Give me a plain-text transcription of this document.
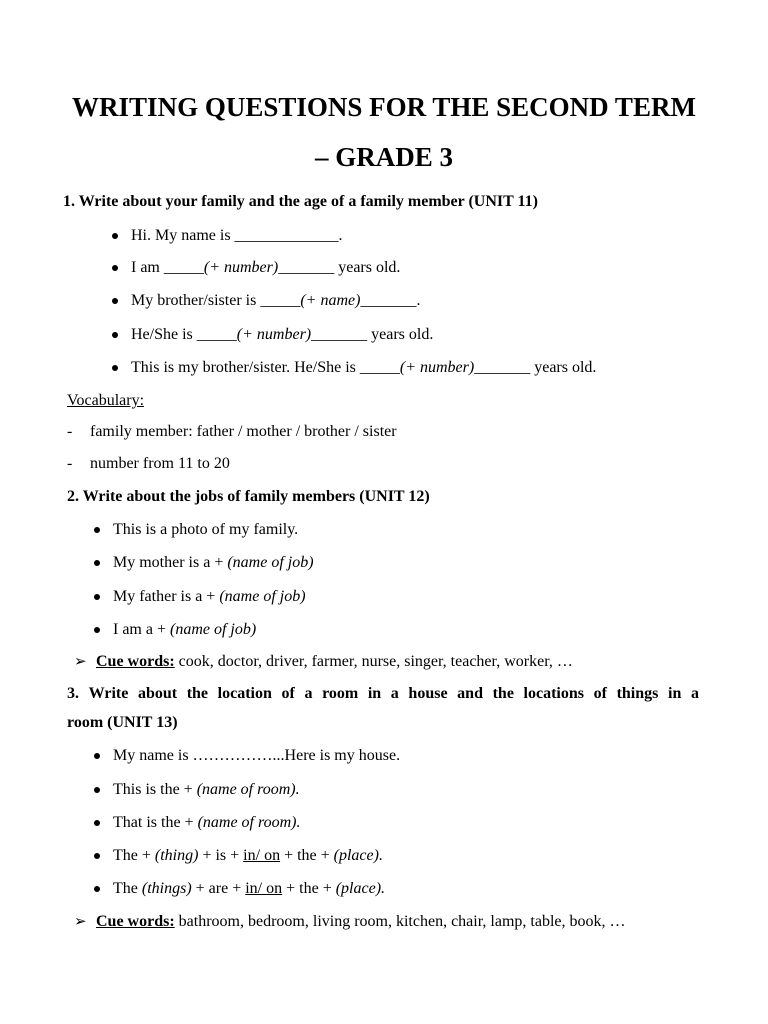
WRITING QUESTIONS FOR THE SECOND TERM
– GRADE 3
1. Write about your family and the age of a family member (UNIT 11)
Hi. My name is _____________.
I am _____(+ number)_______ years old.
My brother/sister is _____(+ name)_______.
He/She is _____(+ number)_______ years old.
This is my brother/sister. He/She is _____(+ number)_______ years old.
Vocabulary:
- family member: father / mother / brother / sister
- number from 11 to 20
2. Write about the jobs of family members (UNIT 12)
This is a photo of my family.
My mother is a + (name of job)
My father is a + (name of job)
I am a + (name of job)
➢ Cue words: cook, doctor, driver, farmer, nurse, singer, teacher, worker, …
3. Write about the location of a room in a house and the locations of things in a
room (UNIT 13)
My name is ……………...Here is my house.
This is the + (name of room).
That is the + (name of room).
The + (thing) + is + in/ on + the + (place).
The (things) + are + in/ on + the + (place).
➢ Cue words: bathroom, bedroom, living room, kitchen, chair, lamp, table, book, …
